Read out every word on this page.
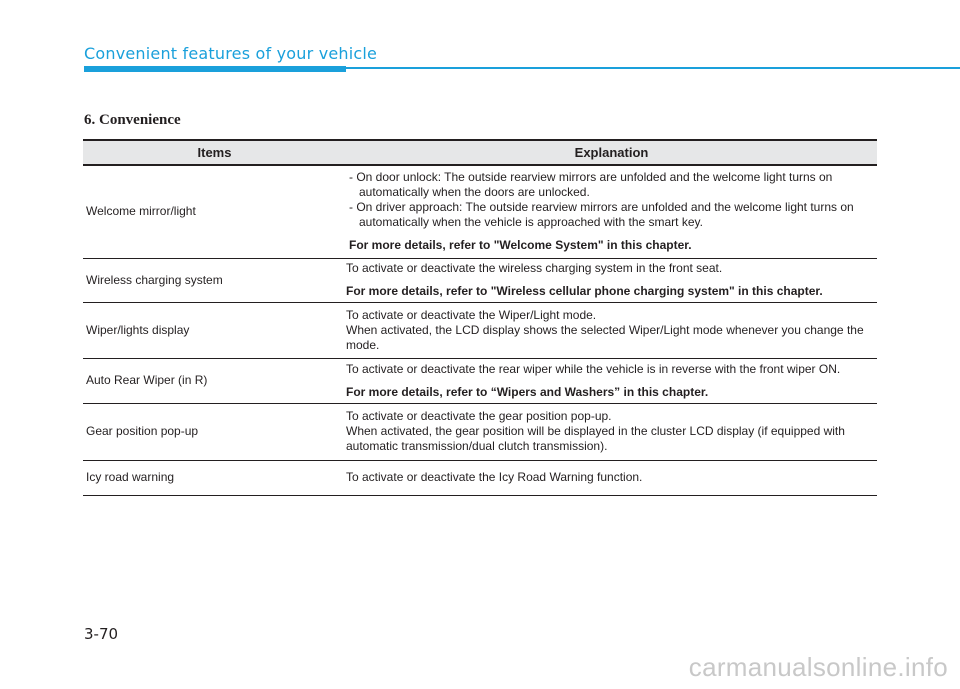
Convenient features of your vehicle
6. Convenience
Items	Explanation
Welcome mirror/light	- On door unlock: The outside rearview mirrors are unfolded and the welcome light turns on automatically when the doors are unlocked.
- On driver approach: The outside rearview mirrors are unfolded and the welcome light turns on automatically when the vehicle is approached with the smart key.
For more details, refer to "Welcome System" in this chapter.

Wireless charging system	To activate or deactivate the wireless charging system in the front seat.
For more details, refer to "Wireless cellular phone charging system" in this chapter.

Wiper/lights display	To activate or deactivate the Wiper/Light mode.
When activated, the LCD display shows the selected Wiper/Light mode whenever you change the mode.

Auto Rear Wiper (in R)	To activate or deactivate the rear wiper while the vehicle is in reverse with the front wiper ON.
For more details, refer to “Wipers and Washers” in this chapter.

Gear position pop-up	To activate or deactivate the gear position pop-up.
When activated, the gear position will be displayed in the cluster LCD display (if equipped with automatic transmission/dual clutch transmission).

Icy road warning	To activate or deactivate the Icy Road Warning function.
3-70
carmanualsonline.info
